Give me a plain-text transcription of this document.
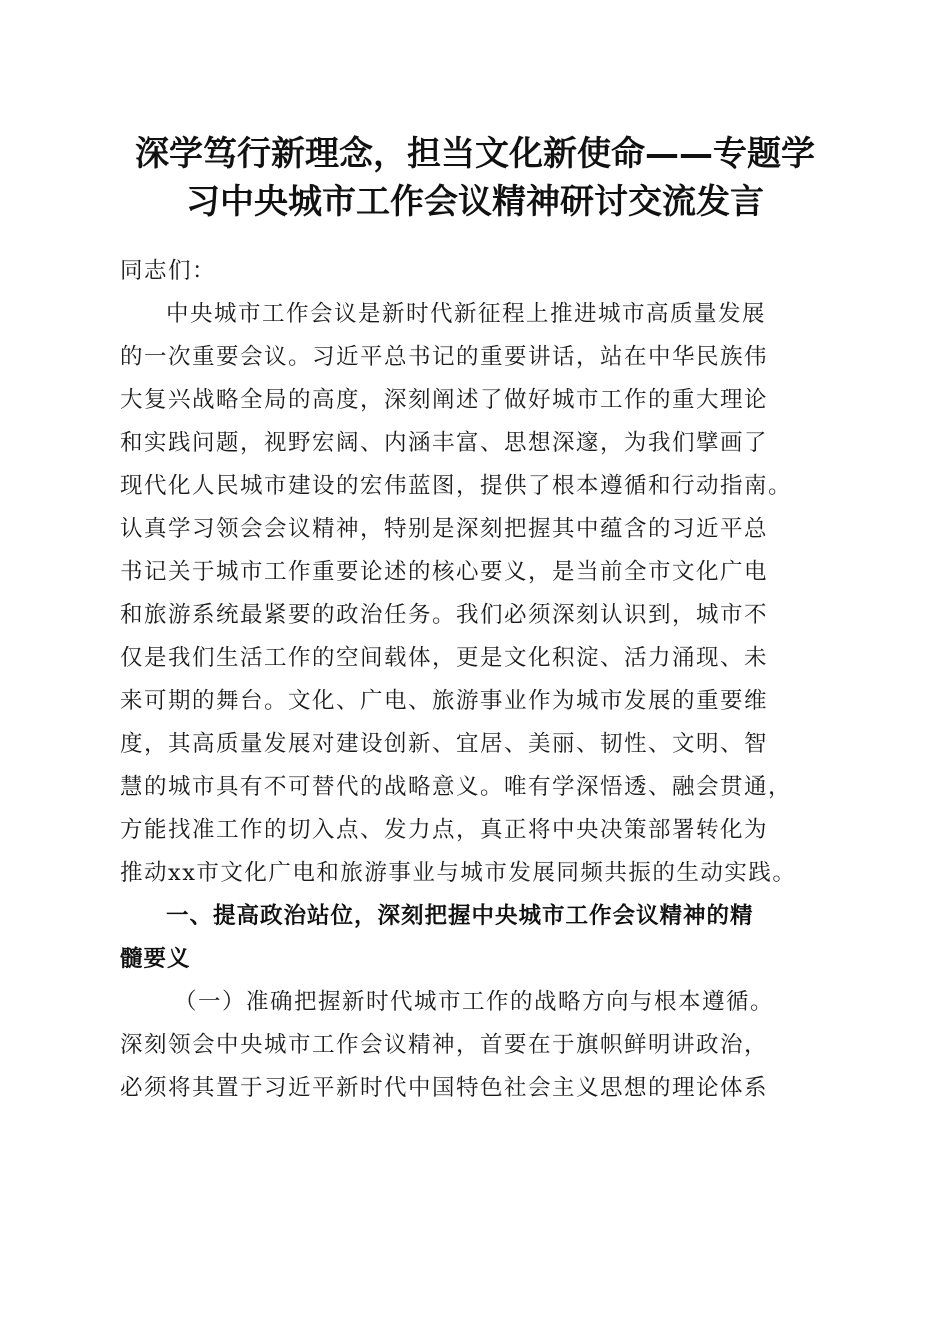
深学笃行新理念，担当文化新使命——专题学
习中央城市工作会议精神研讨交流发言
同志们：
中央城市工作会议是新时代新征程上推进城市高质量发展
的一次重要会议。习近平总书记的重要讲话，站在中华民族伟
大复兴战略全局的高度，深刻阐述了做好城市工作的重大理论
和实践问题，视野宏阔、内涵丰富、思想深邃，为我们擘画了
现代化人民城市建设的宏伟蓝图，提供了根本遵循和行动指南。
认真学习领会会议精神，特别是深刻把握其中蕴含的习近平总
书记关于城市工作重要论述的核心要义，是当前全市文化广电
和旅游系统最紧要的政治任务。我们必须深刻认识到，城市不
仅是我们生活工作的空间载体，更是文化积淀、活力涌现、未
来可期的舞台。文化、广电、旅游事业作为城市发展的重要维
度，其高质量发展对建设创新、宜居、美丽、韧性、文明、智
慧的城市具有不可替代的战略意义。唯有学深悟透、融会贯通，
方能找准工作的切入点、发力点，真正将中央决策部署转化为
推动xx市文化广电和旅游事业与城市发展同频共振的生动实践。
一、提高政治站位，深刻把握中央城市工作会议精神的精
髓要义
（一）准确把握新时代城市工作的战略方向与根本遵循。
深刻领会中央城市工作会议精神，首要在于旗帜鲜明讲政治，
必须将其置于习近平新时代中国特色社会主义思想的理论体系
